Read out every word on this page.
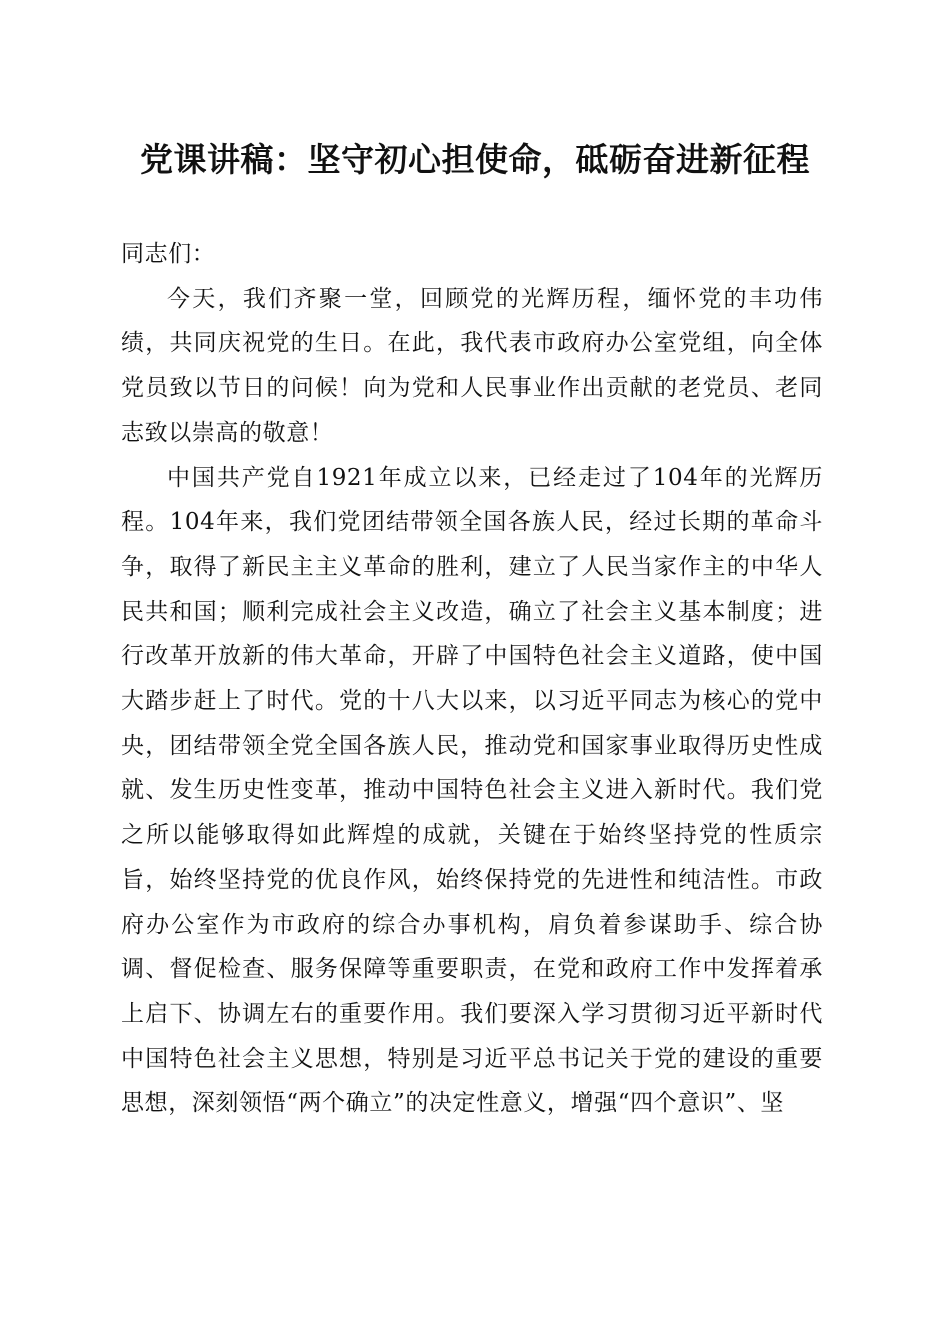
党课讲稿：坚守初心担使命，砥砺奋进新征程

同志们：

今天，我们齐聚一堂，回顾党的光辉历程，缅怀党的丰功伟绩，共同庆祝党的生日。在此，我代表市政府办公室党组，向全体党员致以节日的问候！向为党和人民事业作出贡献的老党员、老同志致以崇高的敬意！

中国共产党自1921年成立以来，已经走过了104年的光辉历程。104年来，我们党团结带领全国各族人民，经过长期的革命斗争，取得了新民主主义革命的胜利，建立了人民当家作主的中华人民共和国；顺利完成社会主义改造，确立了社会主义基本制度；进行改革开放新的伟大革命，开辟了中国特色社会主义道路，使中国大踏步赶上了时代。党的十八大以来，以习近平同志为核心的党中央，团结带领全党全国各族人民，推动党和国家事业取得历史性成就、发生历史性变革，推动中国特色社会主义进入新时代。我们党之所以能够取得如此辉煌的成就，关键在于始终坚持党的性质宗旨，始终坚持党的优良作风，始终保持党的先进性和纯洁性。市政府办公室作为市政府的综合办事机构，肩负着参谋助手、综合协调、督促检查、服务保障等重要职责，在党和政府工作中发挥着承上启下、协调左右的重要作用。我们要深入学习贯彻习近平新时代中国特色社会主义思想，特别是习近平总书记关于党的建设的重要思想，深刻领悟“两个确立”的决定性意义，增强“四个意识”、坚
